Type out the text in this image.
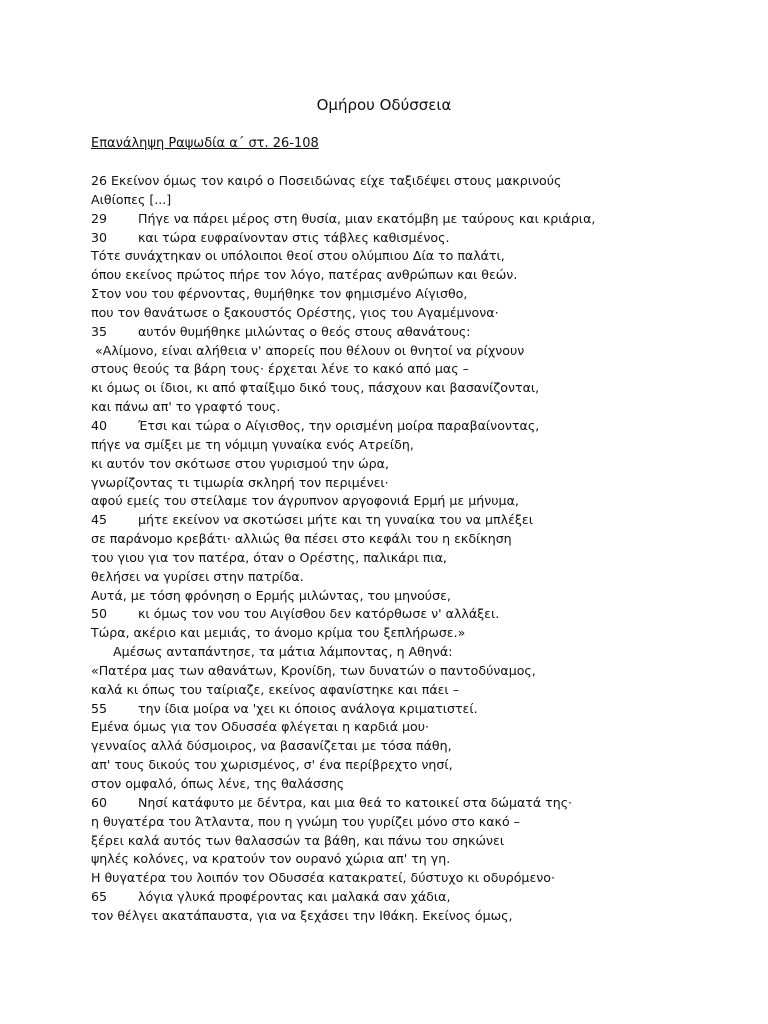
Ομήρου Οδύσσεια
Επανάληψη Ραψωδία α΄ στ. 26-108
26 Εκείνον όμως τον καιρό ο Ποσειδώνας είχε ταξιδέψει στους μακρινούς
Αιθίοπες [...]
29 Πήγε να πάρει μέρος στη θυσία, μιαν εκατόμβη με ταύρους και κριάρια,
30 και τώρα ευφραίνονταν στις τάβλες καθισμένος.
Τότε συνάχτηκαν οι υπόλοιποι θεοί στου ολύμπιου Δία το παλάτι,
όπου εκείνος πρώτος πήρε τον λόγο, πατέρας ανθρώπων και θεών.
Στον νου του φέρνοντας, θυμήθηκε τον φημισμένο Αίγισθο,
που τον θανάτωσε ο ξακουστός Ορέστης, γιος του Αγαμέμνονα·
35 αυτόν θυμήθηκε μιλώντας ο θεός στους αθανάτους:
«Αλίμονο, είναι αλήθεια ν' απορείς που θέλουν οι θνητοί να ρίχνουν
στους θεούς τα βάρη τους· έρχεται λένε το κακό από μας –
κι όμως οι ίδιοι, κι από φταίξιμο δικό τους, πάσχουν και βασανίζονται,
και πάνω απ' το γραφτό τους.
40 Έτσι και τώρα ο Αίγισθος, την ορισμένη μοίρα παραβαίνοντας,
πήγε να σμίξει με τη νόμιμη γυναίκα ενός Ατρείδη,
κι αυτόν τον σκότωσε στου γυρισμού την ώρα,
γνωρίζοντας τι τιμωρία σκληρή τον περιμένει·
αφού εμείς του στείλαμε τον άγρυπνον αργοφονιά Ερμή με μήνυμα,
45 μήτε εκείνον να σκοτώσει μήτε και τη γυναίκα του να μπλέξει
σε παράνομο κρεβάτι· αλλιώς θα πέσει στο κεφάλι του η εκδίκηση
του γιου για τον πατέρα, όταν ο Ορέστης, παλικάρι πια,
θελήσει να γυρίσει στην πατρίδα.
Αυτά, με τόση φρόνηση ο Ερμής μιλώντας, του μηνούσε,
50 κι όμως τον νου του Αιγίσθου δεν κατόρθωσε ν' αλλάξει.
Τώρα, ακέριο και μεμιάς, το άνομο κρίμα του ξεπλήρωσε.»
Αμέσως ανταπάντησε, τα μάτια λάμποντας, η Αθηνά:
«Πατέρα μας των αθανάτων, Κρονίδη, των δυνατών ο παντοδύναμος,
καλά κι όπως του ταίριαζε, εκείνος αφανίστηκε και πάει –
55 την ίδια μοίρα να 'χει κι όποιος ανάλογα κριματιστεί.
Εμένα όμως για τον Οδυσσέα φλέγεται η καρδιά μου·
γενναίος αλλά δύσμοιρος, να βασανίζεται με τόσα πάθη,
απ' τους δικούς του χωρισμένος, σ' ένα περίβρεχτο νησί,
στον ομφαλό, όπως λένε, της θαλάσσης
60 Νησί κατάφυτο με δέντρα, και μια θεά το κατοικεί στα δώματά της·
η θυγατέρα του Άτλαντα, που η γνώμη του γυρίζει μόνο στο κακό –
ξέρει καλά αυτός των θαλασσών τα βάθη, και πάνω του σηκώνει
ψηλές κολόνες, να κρατούν τον ουρανό χώρια απ' τη γη.
Η θυγατέρα του λοιπόν τον Οδυσσέα κατακρατεί, δύστυχο κι οδυρόμενο·
65 λόγια γλυκά προφέροντας και μαλακά σαν χάδια,
τον θέλγει ακατάπαυστα, για να ξεχάσει την Ιθάκη. Εκείνος όμως,
